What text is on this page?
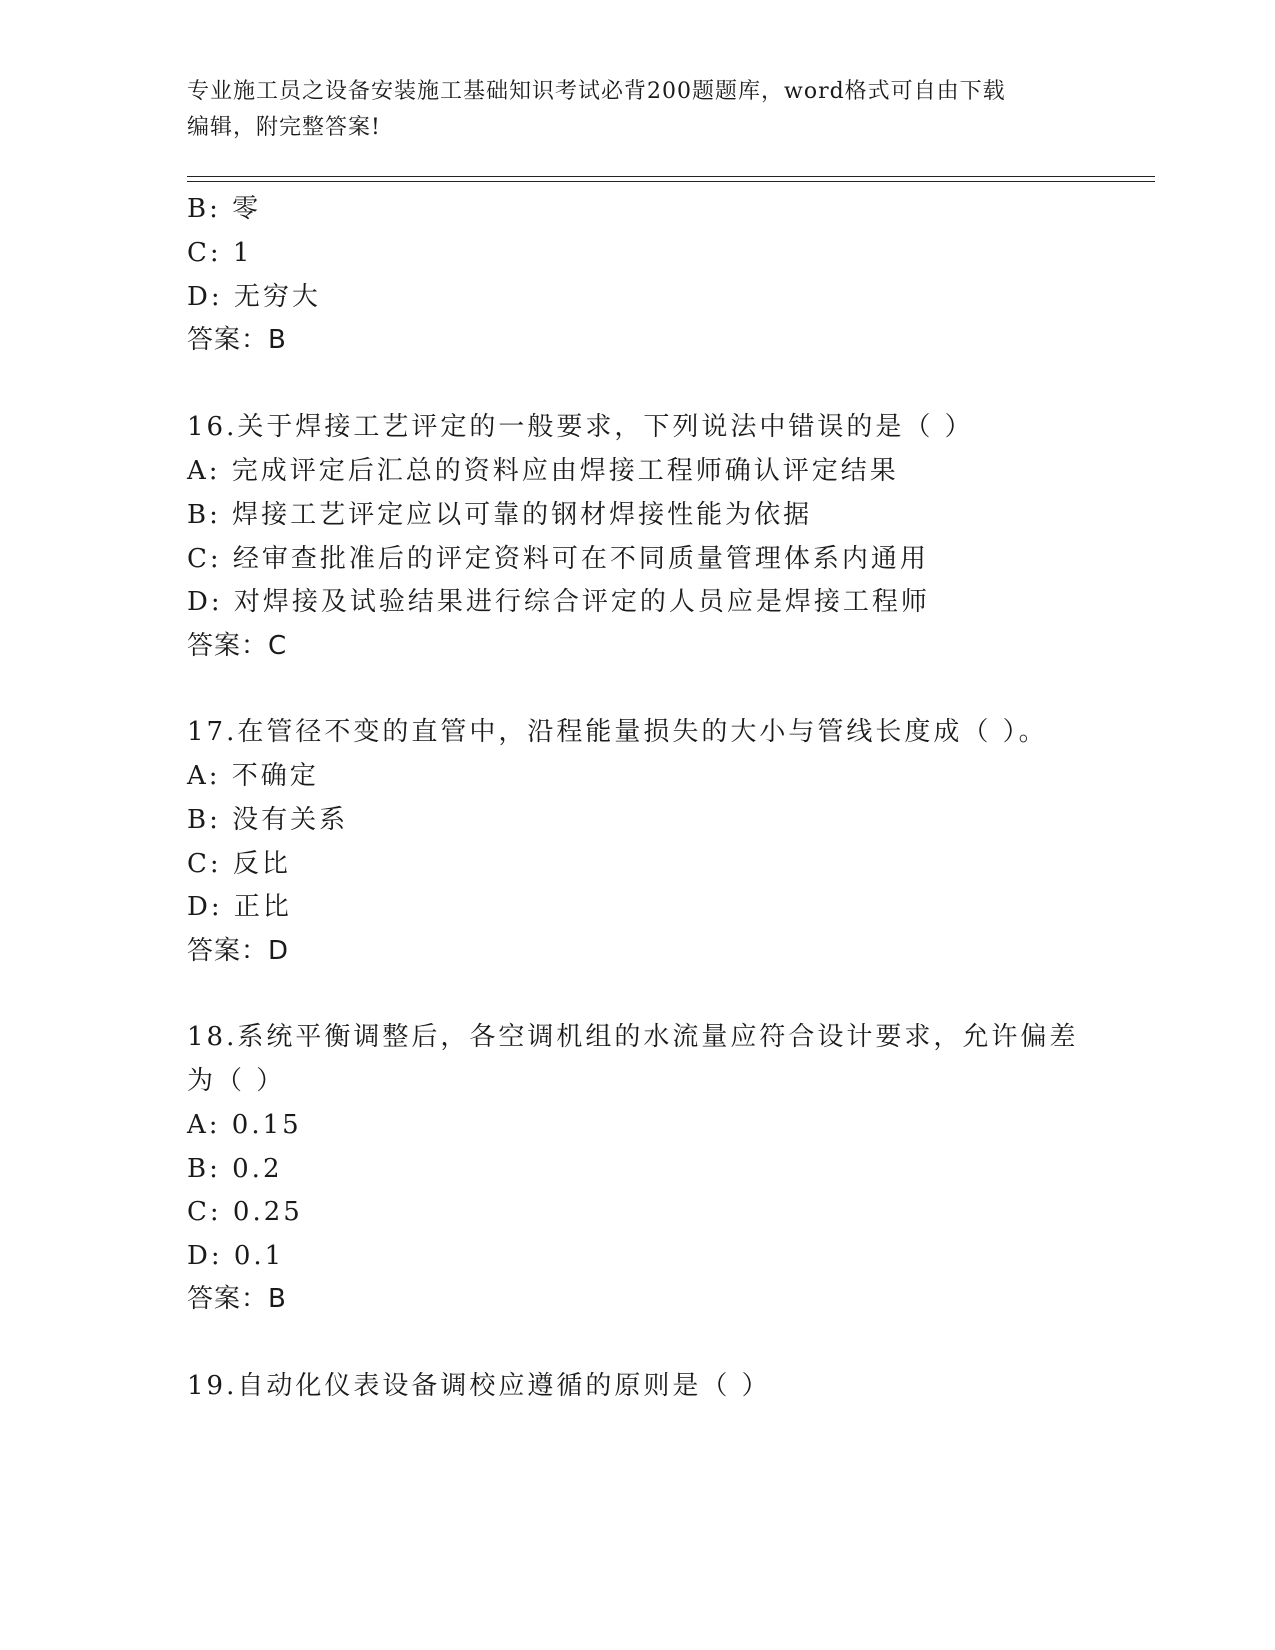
专业施工员之设备安装施工基础知识考试必背200题题库，word格式可自由下载
编辑，附完整答案!
B: 零
C: 1
D: 无穷大
答案：B
16.关于焊接工艺评定的一般要求，下列说法中错误的是（ ）
A: 完成评定后汇总的资料应由焊接工程师确认评定结果
B: 焊接工艺评定应以可靠的钢材焊接性能为依据
C: 经审查批准后的评定资料可在不同质量管理体系内通用
D: 对焊接及试验结果进行综合评定的人员应是焊接工程师
答案：C
17.在管径不变的直管中，沿程能量损失的大小与管线长度成（ ）。
A: 不确定
B: 没有关系
C: 反比
D: 正比
答案：D
18.系统平衡调整后，各空调机组的水流量应符合设计要求，允许偏差
为（ ）
A: 0.15
B: 0.2
C: 0.25
D: 0.1
答案：B
19.自动化仪表设备调校应遵循的原则是（ ）
